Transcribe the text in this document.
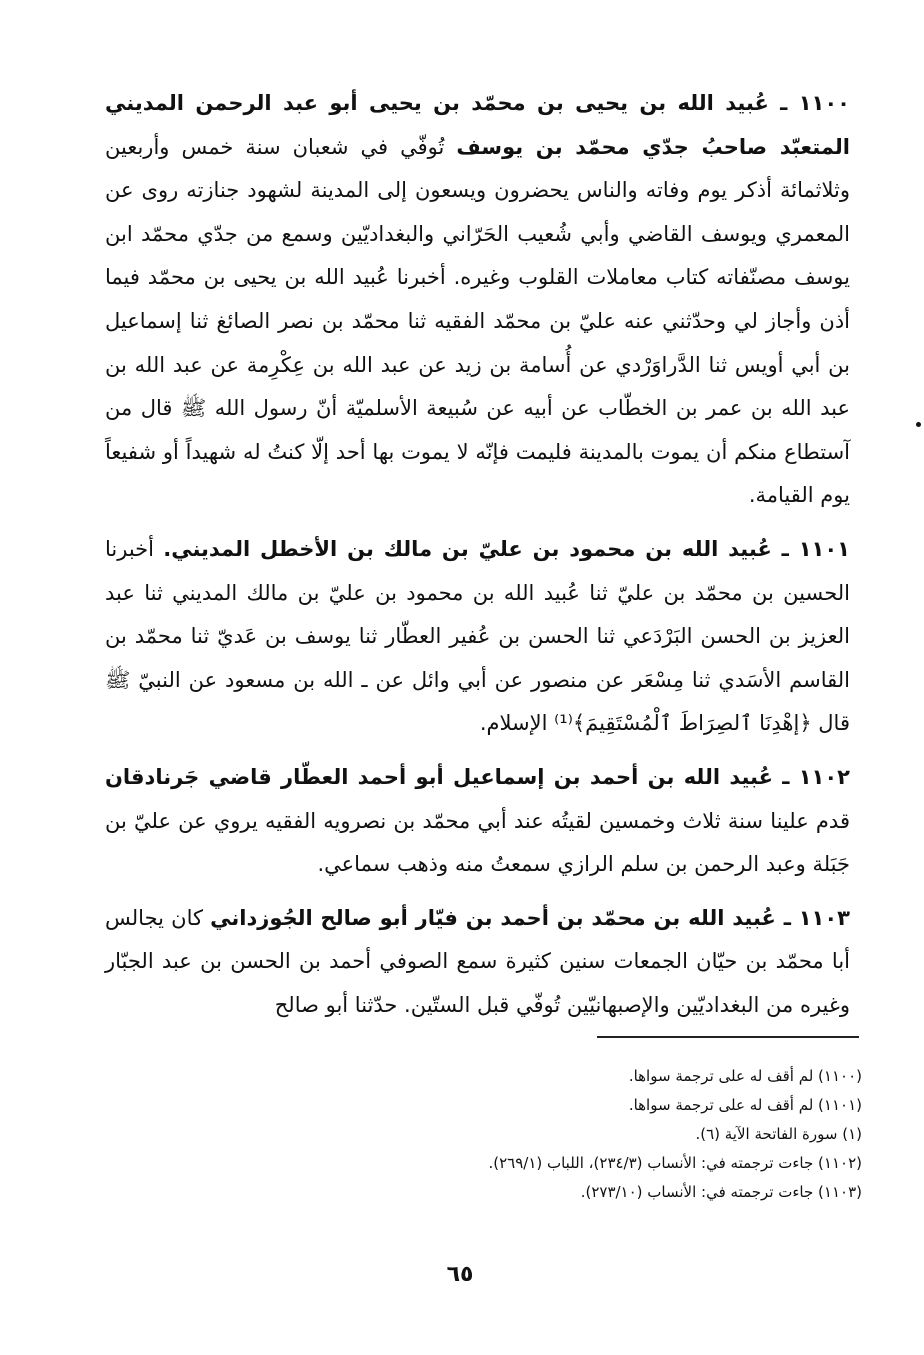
١١٠٠ ـ عُبيد الله بن يحيى بن محمّد بن يحيى أبو عبد الرحمن المديني المتعبّد صاحبُ جدّي محمّد بن يوسف تُوفّي في شعبان سنة خمس وأربعين وثلاثمائة أذكر يوم وفاته والناس يحضرون ويسعون إلى المدينة لشهود جنازته روى عن المعمري ويوسف القاضي وأبي شُعيب الحَرّاني والبغداديّين وسمع من جدّي محمّد ابن يوسف مصنّفاته كتاب معاملات القلوب وغيره. أخبرنا عُبيد الله بن يحيى بن محمّد فيما أذن وأجاز لي وحدّثني عنه عليّ بن محمّد الفقيه ثنا محمّد بن نصر الصائغ ثنا إسماعيل بن أبي أويس ثنا الدَّراوَرْدي عن أُسامة بن زيد عن عبد الله بن عِكْرِمة عن عبد الله بن عبد الله بن عمر بن الخطّاب عن أبيه عن سُبيعة الأسلميّة أنّ رسول الله ﷺ قال من آستطاع منكم أن يموت بالمدينة فليمت فإنّه لا يموت بها أحد إلّا كنتُ له شهيداً أو شفيعاً يوم القيامة.

١١٠١ ـ عُبيد الله بن محمود بن عليّ بن مالك بن الأخطل المديني. أخبرنا الحسين بن محمّد بن عليّ ثنا عُبيد الله بن محمود بن عليّ بن مالك المديني ثنا عبد العزيز بن الحسن البَرْدَعي ثنا الحسن بن عُفير العطّار ثنا يوسف بن عَديّ ثنا محمّد بن القاسم الأسَدي ثنا مِسْعَر عن منصور عن أبي وائل عن ـ الله بن مسعود عن النبيّ ﷺ قال ﴿إهْدِنَا ٱلصِرَاطَ ٱلْمُسْتَقِيمَ﴾⁽¹⁾ الإسلام.

١١٠٢ ـ عُبيد الله بن أحمد بن إسماعيل أبو أحمد العطّار قاضي جَرنادقان قدم علينا سنة ثلاث وخمسين لقيتُه عند أبي محمّد بن نصرويه الفقيه يروي عن عليّ بن جَبَلة وعبد الرحمن بن سلم الرازي سمعتُ منه وذهب سماعي.

١١٠٣ ـ عُبيد الله بن محمّد بن أحمد بن فيّار أبو صالح الجُوزداني كان يجالس أبا محمّد بن حيّان الجمعات سنين كثيرة سمع الصوفي أحمد بن الحسن بن عبد الجبّار وغيره من البغداديّين والإصبهانيّين تُوفّي قبل الستّين. حدّثنا أبو صالح

(١١٠٠) لم أقف له على ترجمة سواها.

(١١٠١) لم أقف له على ترجمة سواها.

(١) سورة الفاتحة الآية (٦).

(١١٠٢) جاءت ترجمته في: الأنساب (٢٣٤/٣)، اللباب (٢٦٩/١).

(١١٠٣) جاءت ترجمته في: الأنساب (٢٧٣/١٠).

٦٥
